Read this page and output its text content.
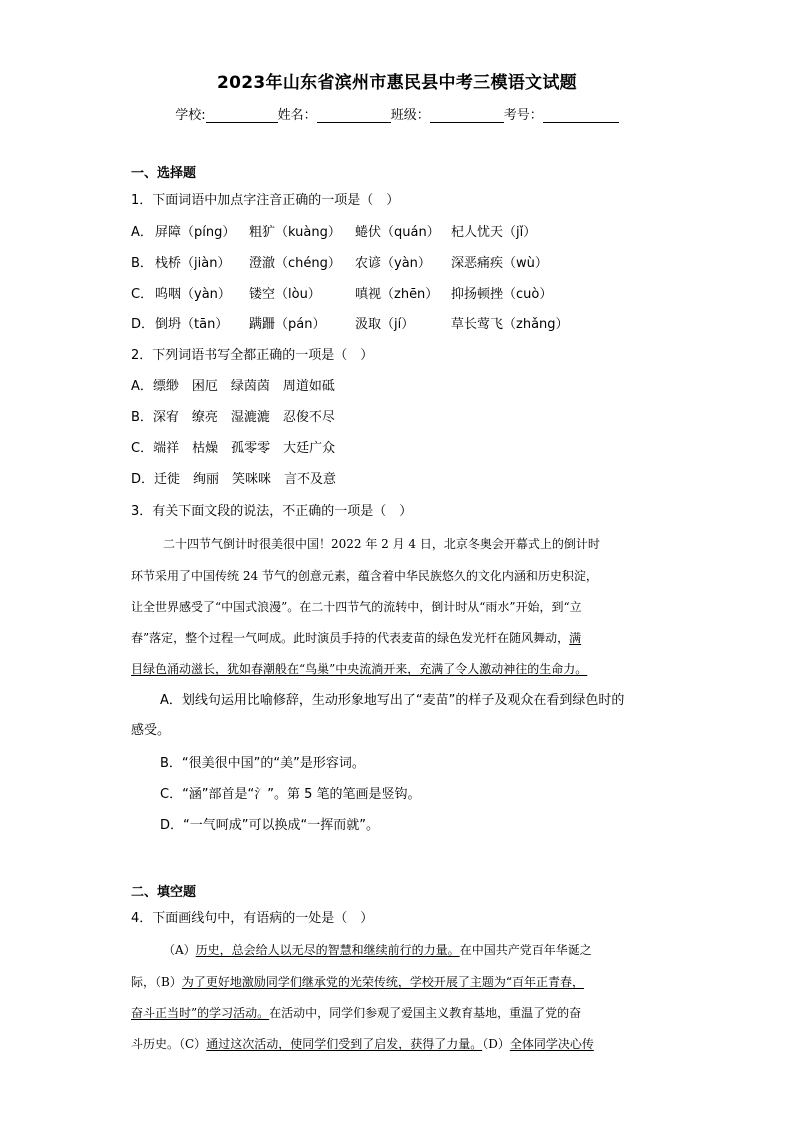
2023年山东省滨州市惠民县中考三模语文试题
学校:	姓名：	班级：	考号：
一、选择题
1．下面词语中加点字注音正确的一项是（　）
A． 屏障（píng） 粗犷（kuàng） 蜷伏（quán） 杞人忧天（jǐ）
B． 栈桥（jiàn） 澄澈（chéng） 农谚（yàn） 深恶痛疾（wù）
C． 呜咽（yàn） 镂空（lòu）	嗔视（zhēn） 抑扬顿挫（cuò）
D． 倒坍（tān） 蹒跚（pán） 汲取（jí）	草长莺飞（zhǎng）
2．下列词语书写全都正确的一项是（　）
A．缥缈　困厄　绿茵茵　周道如砥
B．深宥　缭亮　湿漉漉　忍俊不尽
C．端祥　枯燥　孤零零　大廷广众
D．迁徙　绚丽　笑咪咪　言不及意
3．有关下面文段的说法，不正确的一项是（　）
二十四节气倒计时很美很中国！2022 年 2 月 4 日，北京冬奥会开幕式上的倒计时
环节采用了中国传统 24 节气的创意元素，蕴含着中华民族悠久的文化内涵和历史积淀，
让全世界感受了“中国式浪漫”。在二十四节气的流转中，倒计时从“雨水”开始，到“立
春”落定，整个过程一气呵成。此时演员手持的代表麦苗的绿色发光杆在随风舞动，满
目绿色涌动滋长，犹如春潮般在“鸟巢”中央流淌开来，充满了令人激动神往的生命力。
A．划线句运用比喻修辞，生动形象地写出了“麦苗”的样子及观众在看到绿色时的
感受。
B．“很美很中国”的“美”是形容词。
C．“涵”部首是“氵”。第 5 笔的笔画是竖钩。
D．“一气呵成”可以换成“一挥而就”。
二、填空题
4．下面画线句中，有语病的一处是（　）
（A）历史，总会给人以无尽的智慧和继续前行的力量。在中国共产党百年华诞之
际，（B）为了更好地激励同学们继承党的光荣传统，学校开展了主题为“百年正青春，
奋斗正当时”的学习活动。在活动中，同学们参观了爱国主义教育基地，重温了党的奋
斗历史。（C）通过这次活动，使同学们受到了启发，获得了力量。（D）全体同学决心传
